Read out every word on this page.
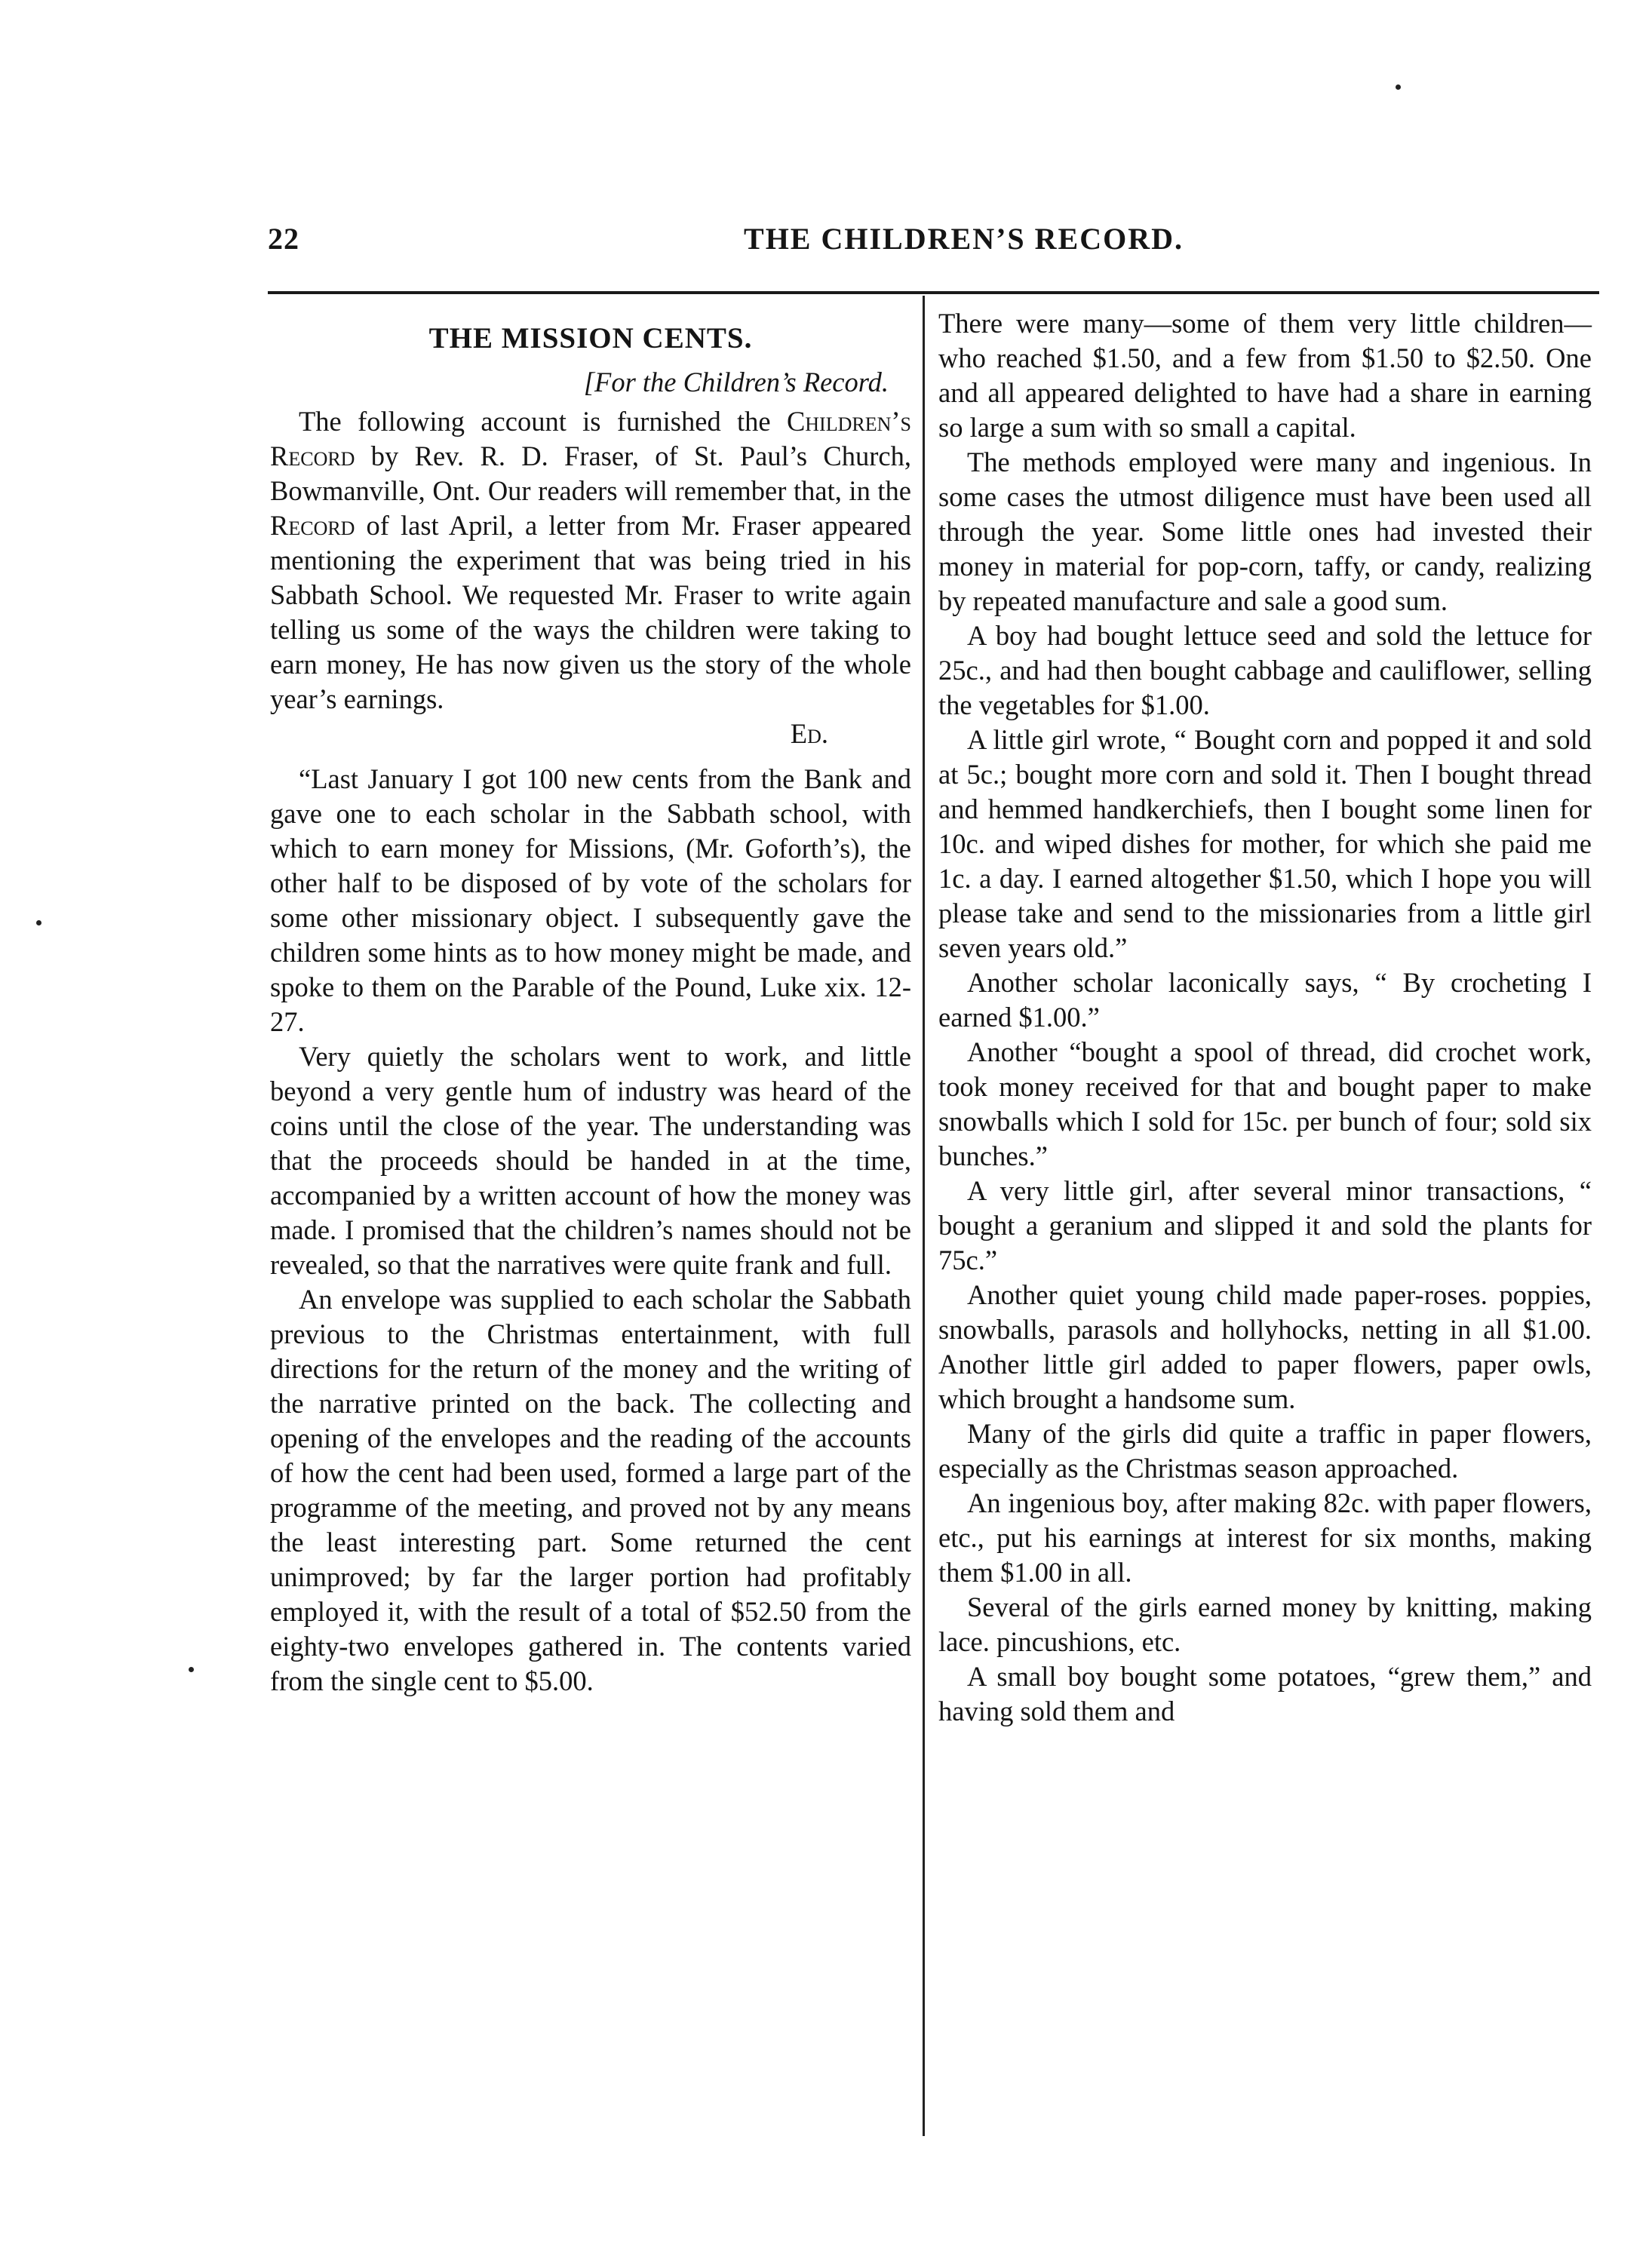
22	THE CHILDREN’S RECORD.
THE MISSION CENTS.
[For the Children’s Record.

The following account is furnished the Children’s Record by Rev. R. D. Fraser, of St. Paul’s Church, Bowmanville, Ont. Our readers will remember that, in the Record of last April, a letter from Mr. Fraser appeared mentioning the experiment that was being tried in his Sabbath School. We requested Mr. Fraser to write again telling us some of the ways the children were taking to earn money, He has now given us the story of the whole year’s earnings.

Ed.

“Last January I got 100 new cents from the Bank and gave one to each scholar in the Sabbath school, with which to earn money for Missions, (Mr. Goforth’s), the other half to be disposed of by vote of the scholars for some other missionary object. I subsequently gave the children some hints as to how money might be made, and spoke to them on the Parable of the Pound, Luke xix. 12-27.

Very quietly the scholars went to work, and little beyond a very gentle hum of industry was heard of the coins until the close of the year. The understanding was that the proceeds should be handed in at the time, accompanied by a written account of how the money was made. I promised that the children’s names should not be revealed, so that the narratives were quite frank and full.

An envelope was supplied to each scholar the Sabbath previous to the Christmas entertainment, with full directions for the return of the money and the writing of the narrative printed on the back. The collecting and opening of the envelopes and the reading of the accounts of how the cent had been used, formed a large part of the programme of the meeting, and proved not by any means the least interesting part. Some returned the cent unimproved; by far the larger portion had profitably employed it, with the result of a total of $52.50 from the eighty-two envelopes gathered in. The contents varied from the single cent to $5.00.

There were many—some of them very little children—who reached $1.50, and a few from $1.50 to $2.50. One and all appeared delighted to have had a share in earning so large a sum with so small a capital.

The methods employed were many and ingenious. In some cases the utmost diligence must have been used all through the year. Some little ones had invested their money in material for pop-corn, taffy, or candy, realizing by repeated manufacture and sale a good sum.

A boy had bought lettuce seed and sold the lettuce for 25c., and had then bought cabbage and cauliflower, selling the vegetables for $1.00.

A little girl wrote, “ Bought corn and popped it and sold at 5c.; bought more corn and sold it. Then I bought thread and hemmed handkerchiefs, then I bought some linen for 10c. and wiped dishes for mother, for which she paid me 1c. a day. I earned altogether $1.50, which I hope you will please take and send to the missionaries from a little girl seven years old.”

Another scholar laconically says, “ By crocheting I earned $1.00.”

Another “bought a spool of thread, did crochet work, took money received for that and bought paper to make snowballs which I sold for 15c. per bunch of four; sold six bunches.”

A very little girl, after several minor transactions, “ bought a geranium and slipped it and sold the plants for 75c.”

Another quiet young child made paper-roses. poppies, snowballs, parasols and hollyhocks, netting in all $1.00. Another little girl added to paper flowers, paper owls, which brought a handsome sum.

Many of the girls did quite a traffic in paper flowers, especially as the Christmas season approached.

An ingenious boy, after making 82c. with paper flowers, etc., put his earnings at interest for six months, making them $1.00 in all.

Several of the girls earned money by knitting, making lace. pincushions, etc.

A small boy bought some potatoes, “grew them,” and having sold them and
